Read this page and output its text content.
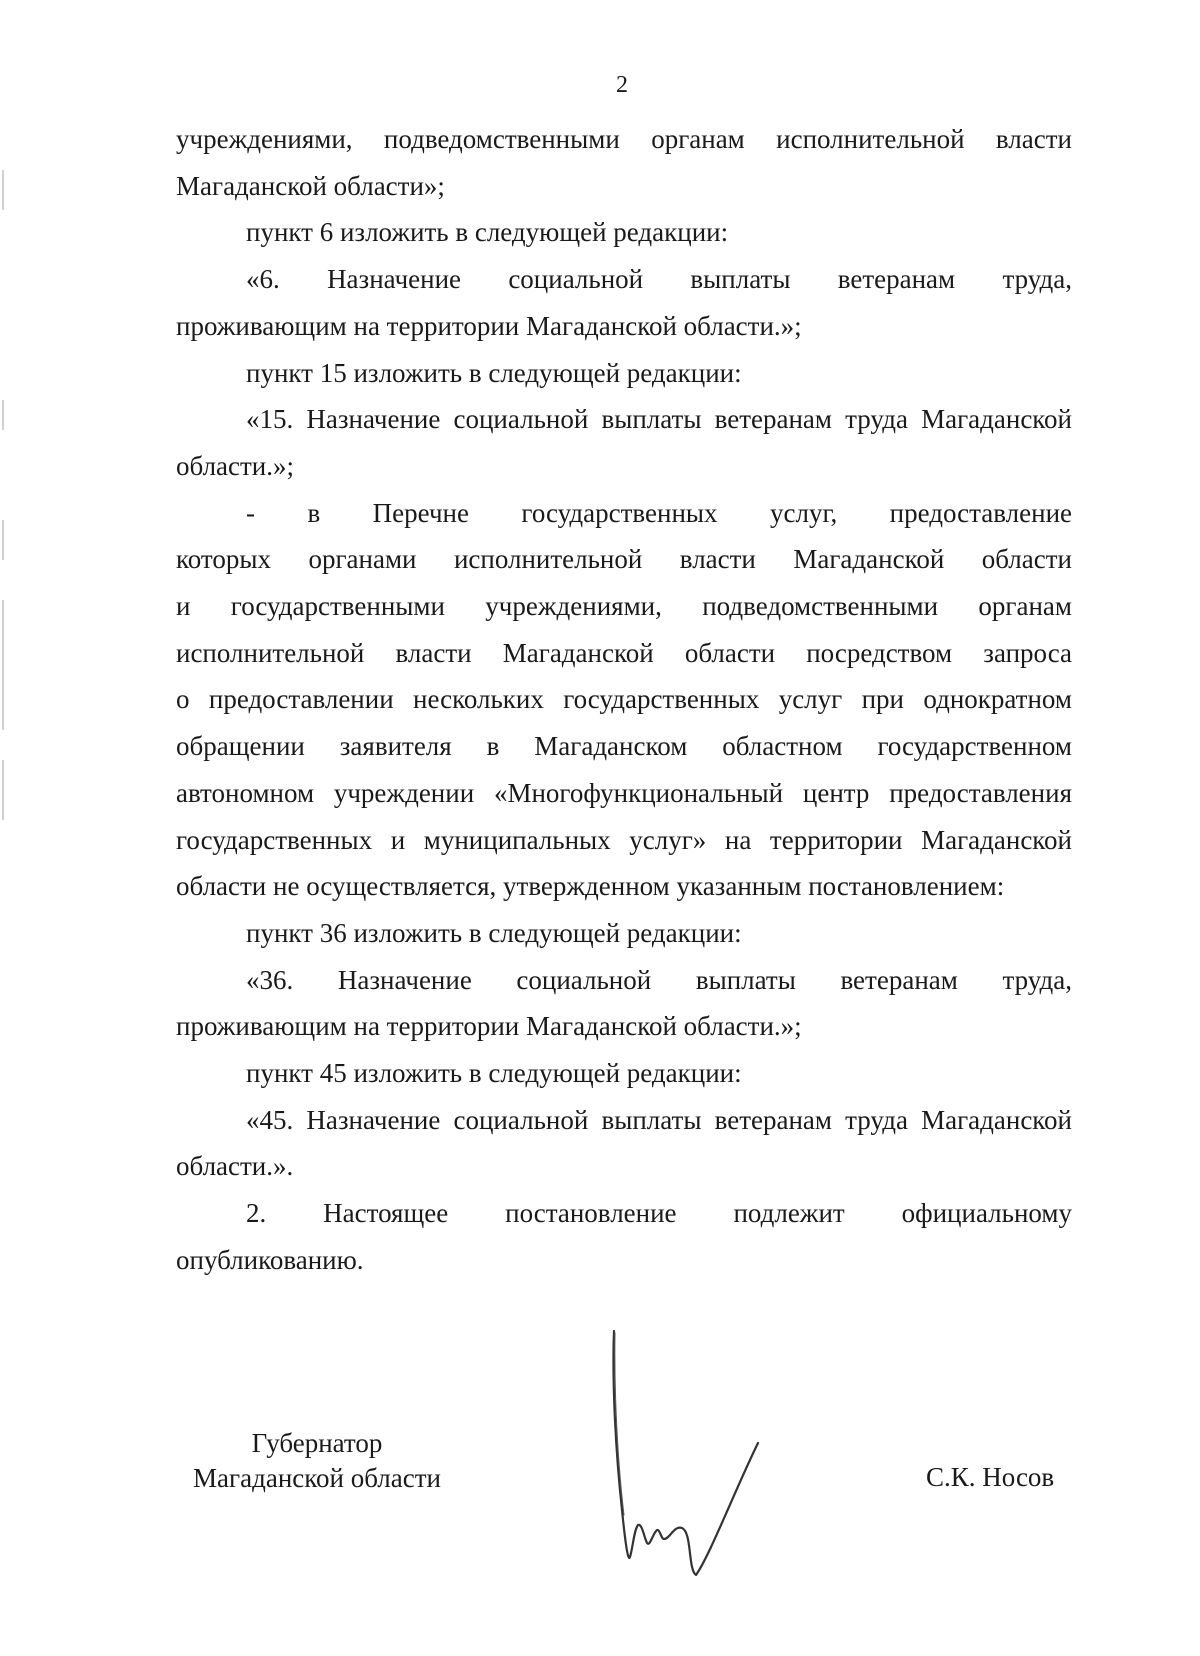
2

учреждениями, подведомственными органам исполнительной власти

Магаданской области»;

пункт 6 изложить в следующей редакции:

«6. Назначение социальной выплаты ветеранам труда,

проживающим на территории Магаданской области.»;

пункт 15 изложить в следующей редакции:

«15. Назначение социальной выплаты ветеранам труда Магаданской

области.»;

- в Перечне государственных услуг, предоставление

которых органами исполнительной власти Магаданской области

и государственными учреждениями, подведомственными органам

исполнительной власти Магаданской области посредством запроса

о предоставлении нескольких государственных услуг при однократном

обращении заявителя в Магаданском областном государственном

автономном учреждении «Многофункциональный центр предоставления

государственных и муниципальных услуг» на территории Магаданской

области не осуществляется, утвержденном указанным постановлением:

пункт 36 изложить в следующей редакции:

«36. Назначение социальной выплаты ветеранам труда,

проживающим на территории Магаданской области.»;

пункт 45 изложить в следующей редакции:

«45. Назначение социальной выплаты ветеранам труда Магаданской

области.».

2. Настоящее постановление подлежит официальному

опубликованию.

Губернатор
Магаданской области	С.К. Носов
